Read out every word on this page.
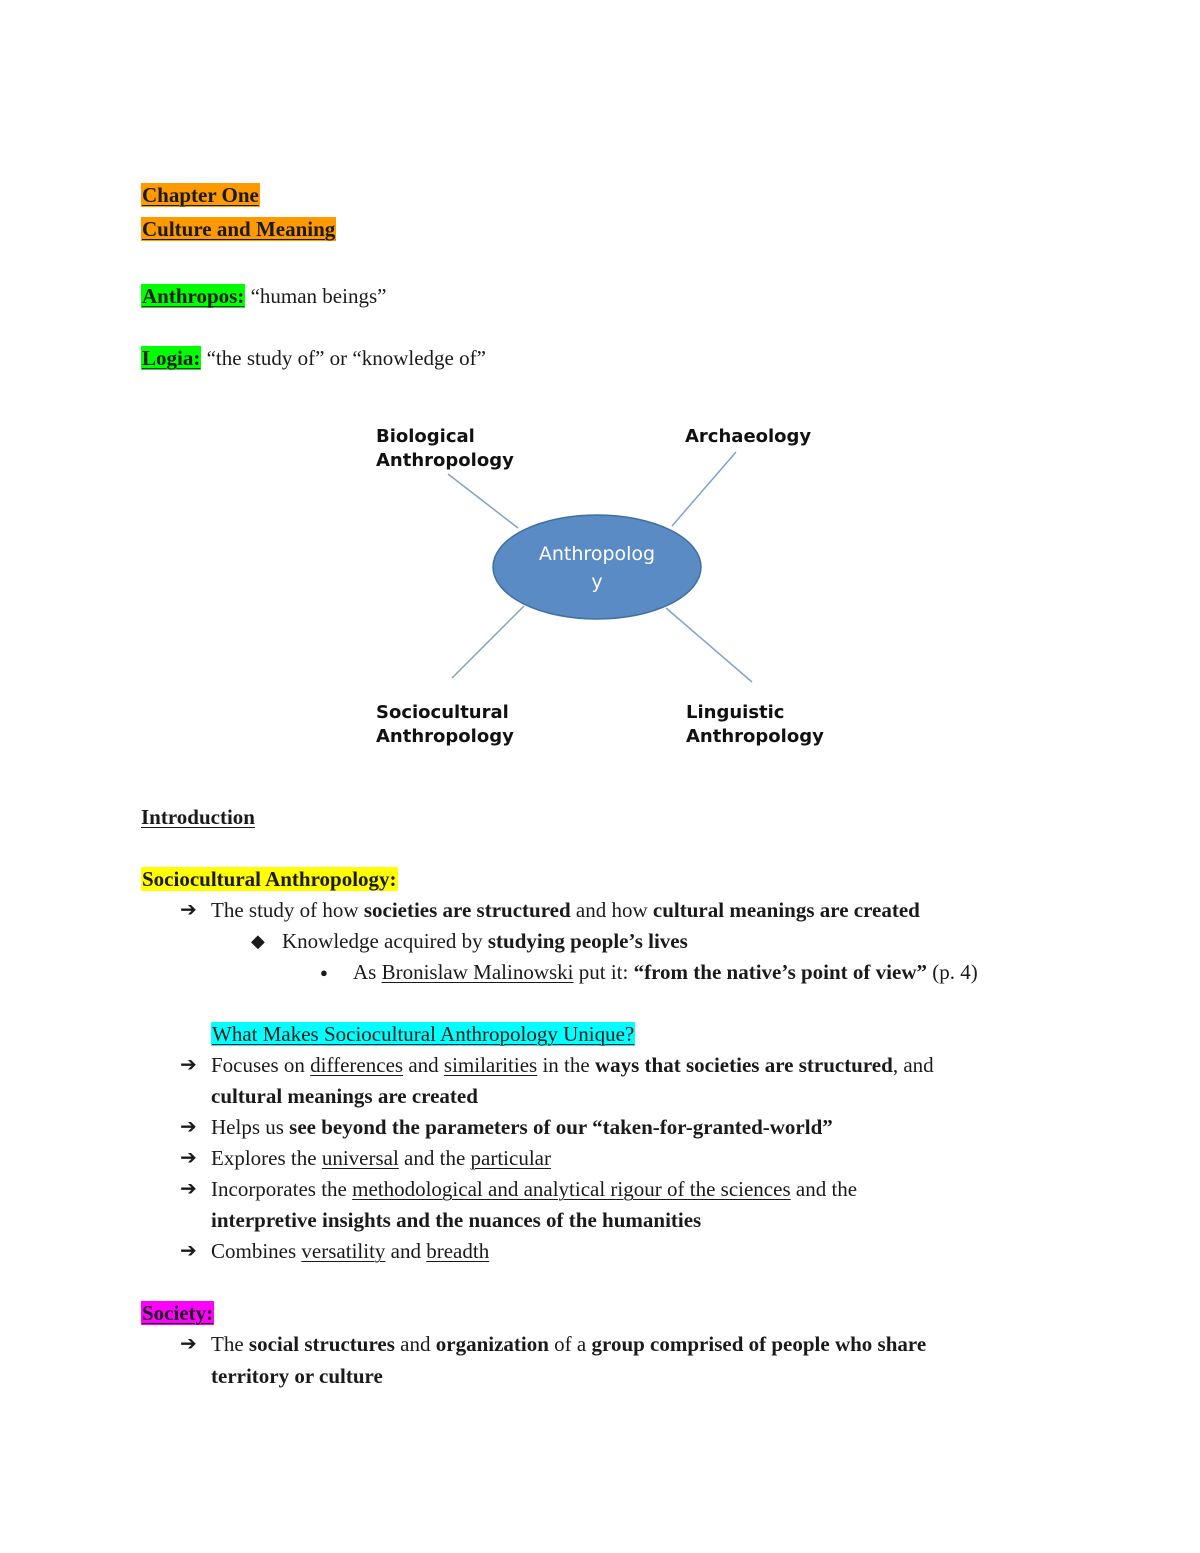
Chapter One
Culture and Meaning
Anthropos: “human beings”
Logia: “the study of” or “knowledge of”
Biological
Anthropology
Archaeology
Anthropolog
y
Sociocultural
Anthropology
Linguistic
Anthropology
Introduction
Sociocultural Anthropology:
➔ The study of how societies are structured and how cultural meanings are created
◆ Knowledge acquired by studying people’s lives
● As Bronislaw Malinowski put it: “from the native’s point of view” (p. 4)
What Makes Sociocultural Anthropology Unique?
➔ Focuses on differences and similarities in the ways that societies are structured, and
cultural meanings are created
➔ Helps us see beyond the parameters of our “taken-for-granted-world”
➔ Explores the universal and the particular
➔ Incorporates the methodological and analytical rigour of the sciences and the
interpretive insights and the nuances of the humanities
➔ Combines versatility and breadth
Society:
➔ The social structures and organization of a group comprised of people who share
territory or culture
